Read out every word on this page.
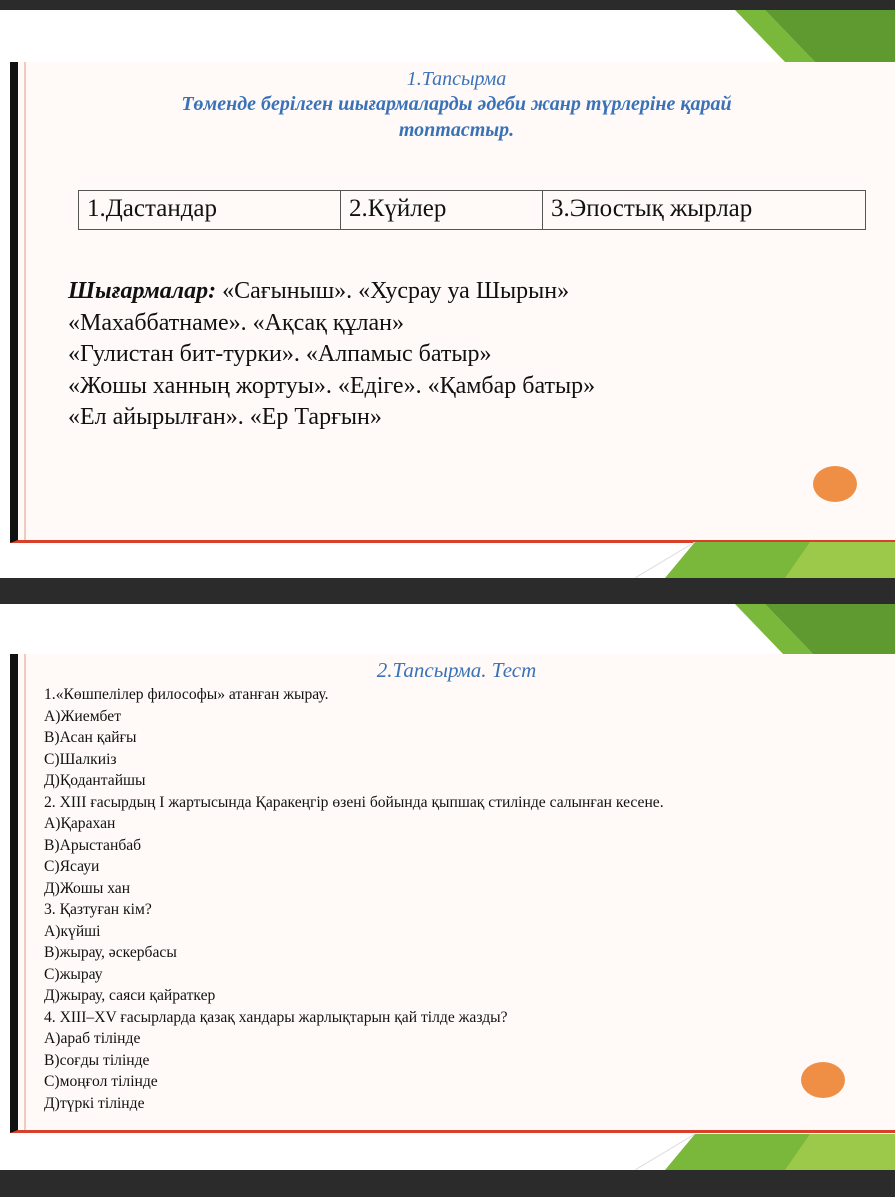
1.Тапсырма

Төменде берілген шығармаларды әдеби жанр түрлеріне қарай топтастыр.

1.Дастандар	2.Күйлер	3.Эпостық жырлар
Шығармалар: «Сағыныш». «Хусрау уа Шырын»
«Махаббатнаме». «Ақсақ құлан»
«Гулистан бит-турки». «Алпамыс батыр»
«Жошы ханның жортуы». «Едіге». «Қамбар батыр»
«Ел айырылған». «Ер Тарғын»

2.Тапсырма. Тест

1.«Көшпелілер философы» атанған жырау.
А)Жиембет
В)Асан қайғы
С)Шалкиіз
Д)Қодантайшы
2. XIII ғасырдың І жартысында Қаракеңгір өзені бойында қыпшақ стилінде салынған кесене.
А)Қарахан
В)Арыстанбаб
С)Ясауи
Д)Жошы хан
3. Қазтуған кім?
А)күйші
В)жырау, әскербасы
С)жырау
Д)жырау, саяси қайраткер
4. XIII–XV ғасырларда қазақ хандары жарлықтарын қай тілде жазды?
А)араб тілінде
В)соғды тілінде
С)моңғол тілінде
Д)түркі тілінде
